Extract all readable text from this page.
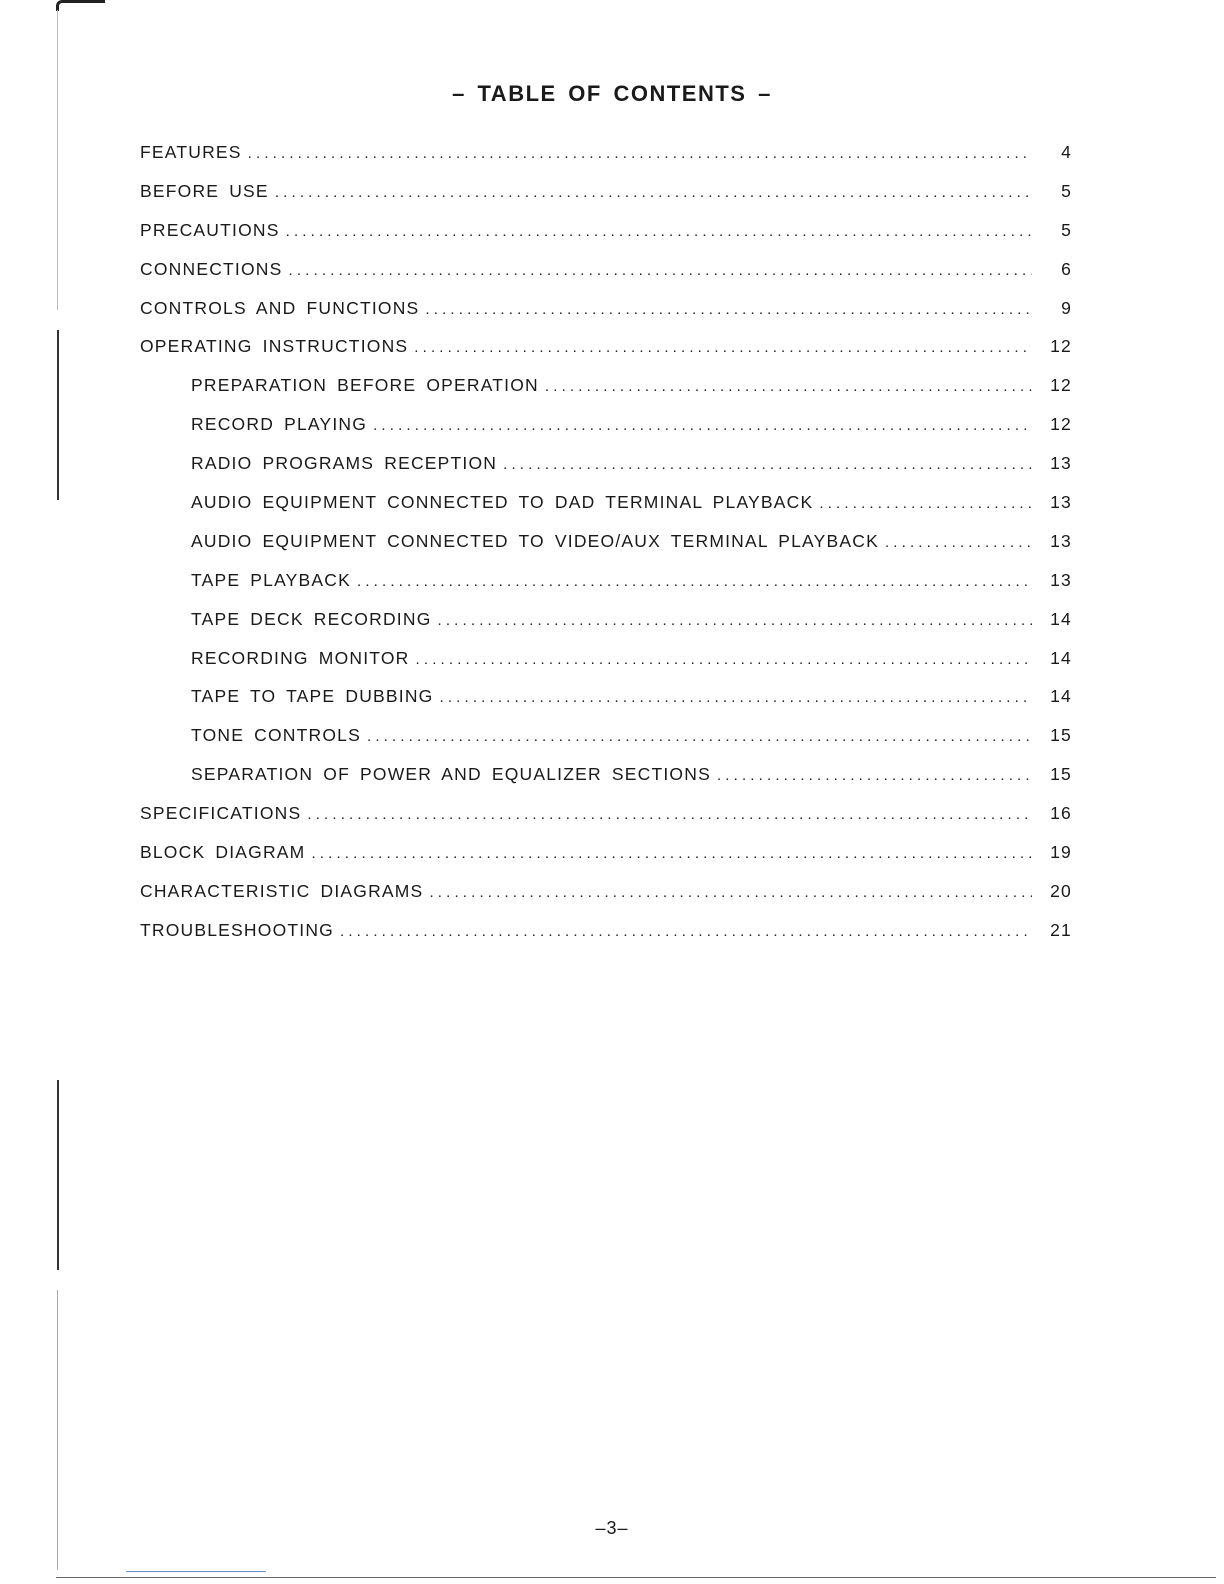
– TABLE OF CONTENTS –
FEATURES . . .	4
BEFORE USE . . .	5
PRECAUTIONS . . .	5
CONNECTIONS . . .	6
CONTROLS AND FUNCTIONS . . .	9
OPERATING INSTRUCTIONS . . .	12
PREPARATION BEFORE OPERATION . . .	12
RECORD PLAYING . . .	12
RADIO PROGRAMS RECEPTION . . .	13
AUDIO EQUIPMENT CONNECTED TO DAD TERMINAL PLAYBACK . . .	13
AUDIO EQUIPMENT CONNECTED TO VIDEO/AUX TERMINAL PLAYBACK . . .	13
TAPE PLAYBACK . . .	13
TAPE DECK RECORDING . . .	14
RECORDING MONITOR . . .	14
TAPE TO TAPE DUBBING . . .	14
TONE CONTROLS . . .	15
SEPARATION OF POWER AND EQUALIZER SECTIONS . . .	15
SPECIFICATIONS . . .	16
BLOCK DIAGRAM . . .	19
CHARACTERISTIC DIAGRAMS . . .	20
TROUBLESHOOTING . . .	21
–3–
